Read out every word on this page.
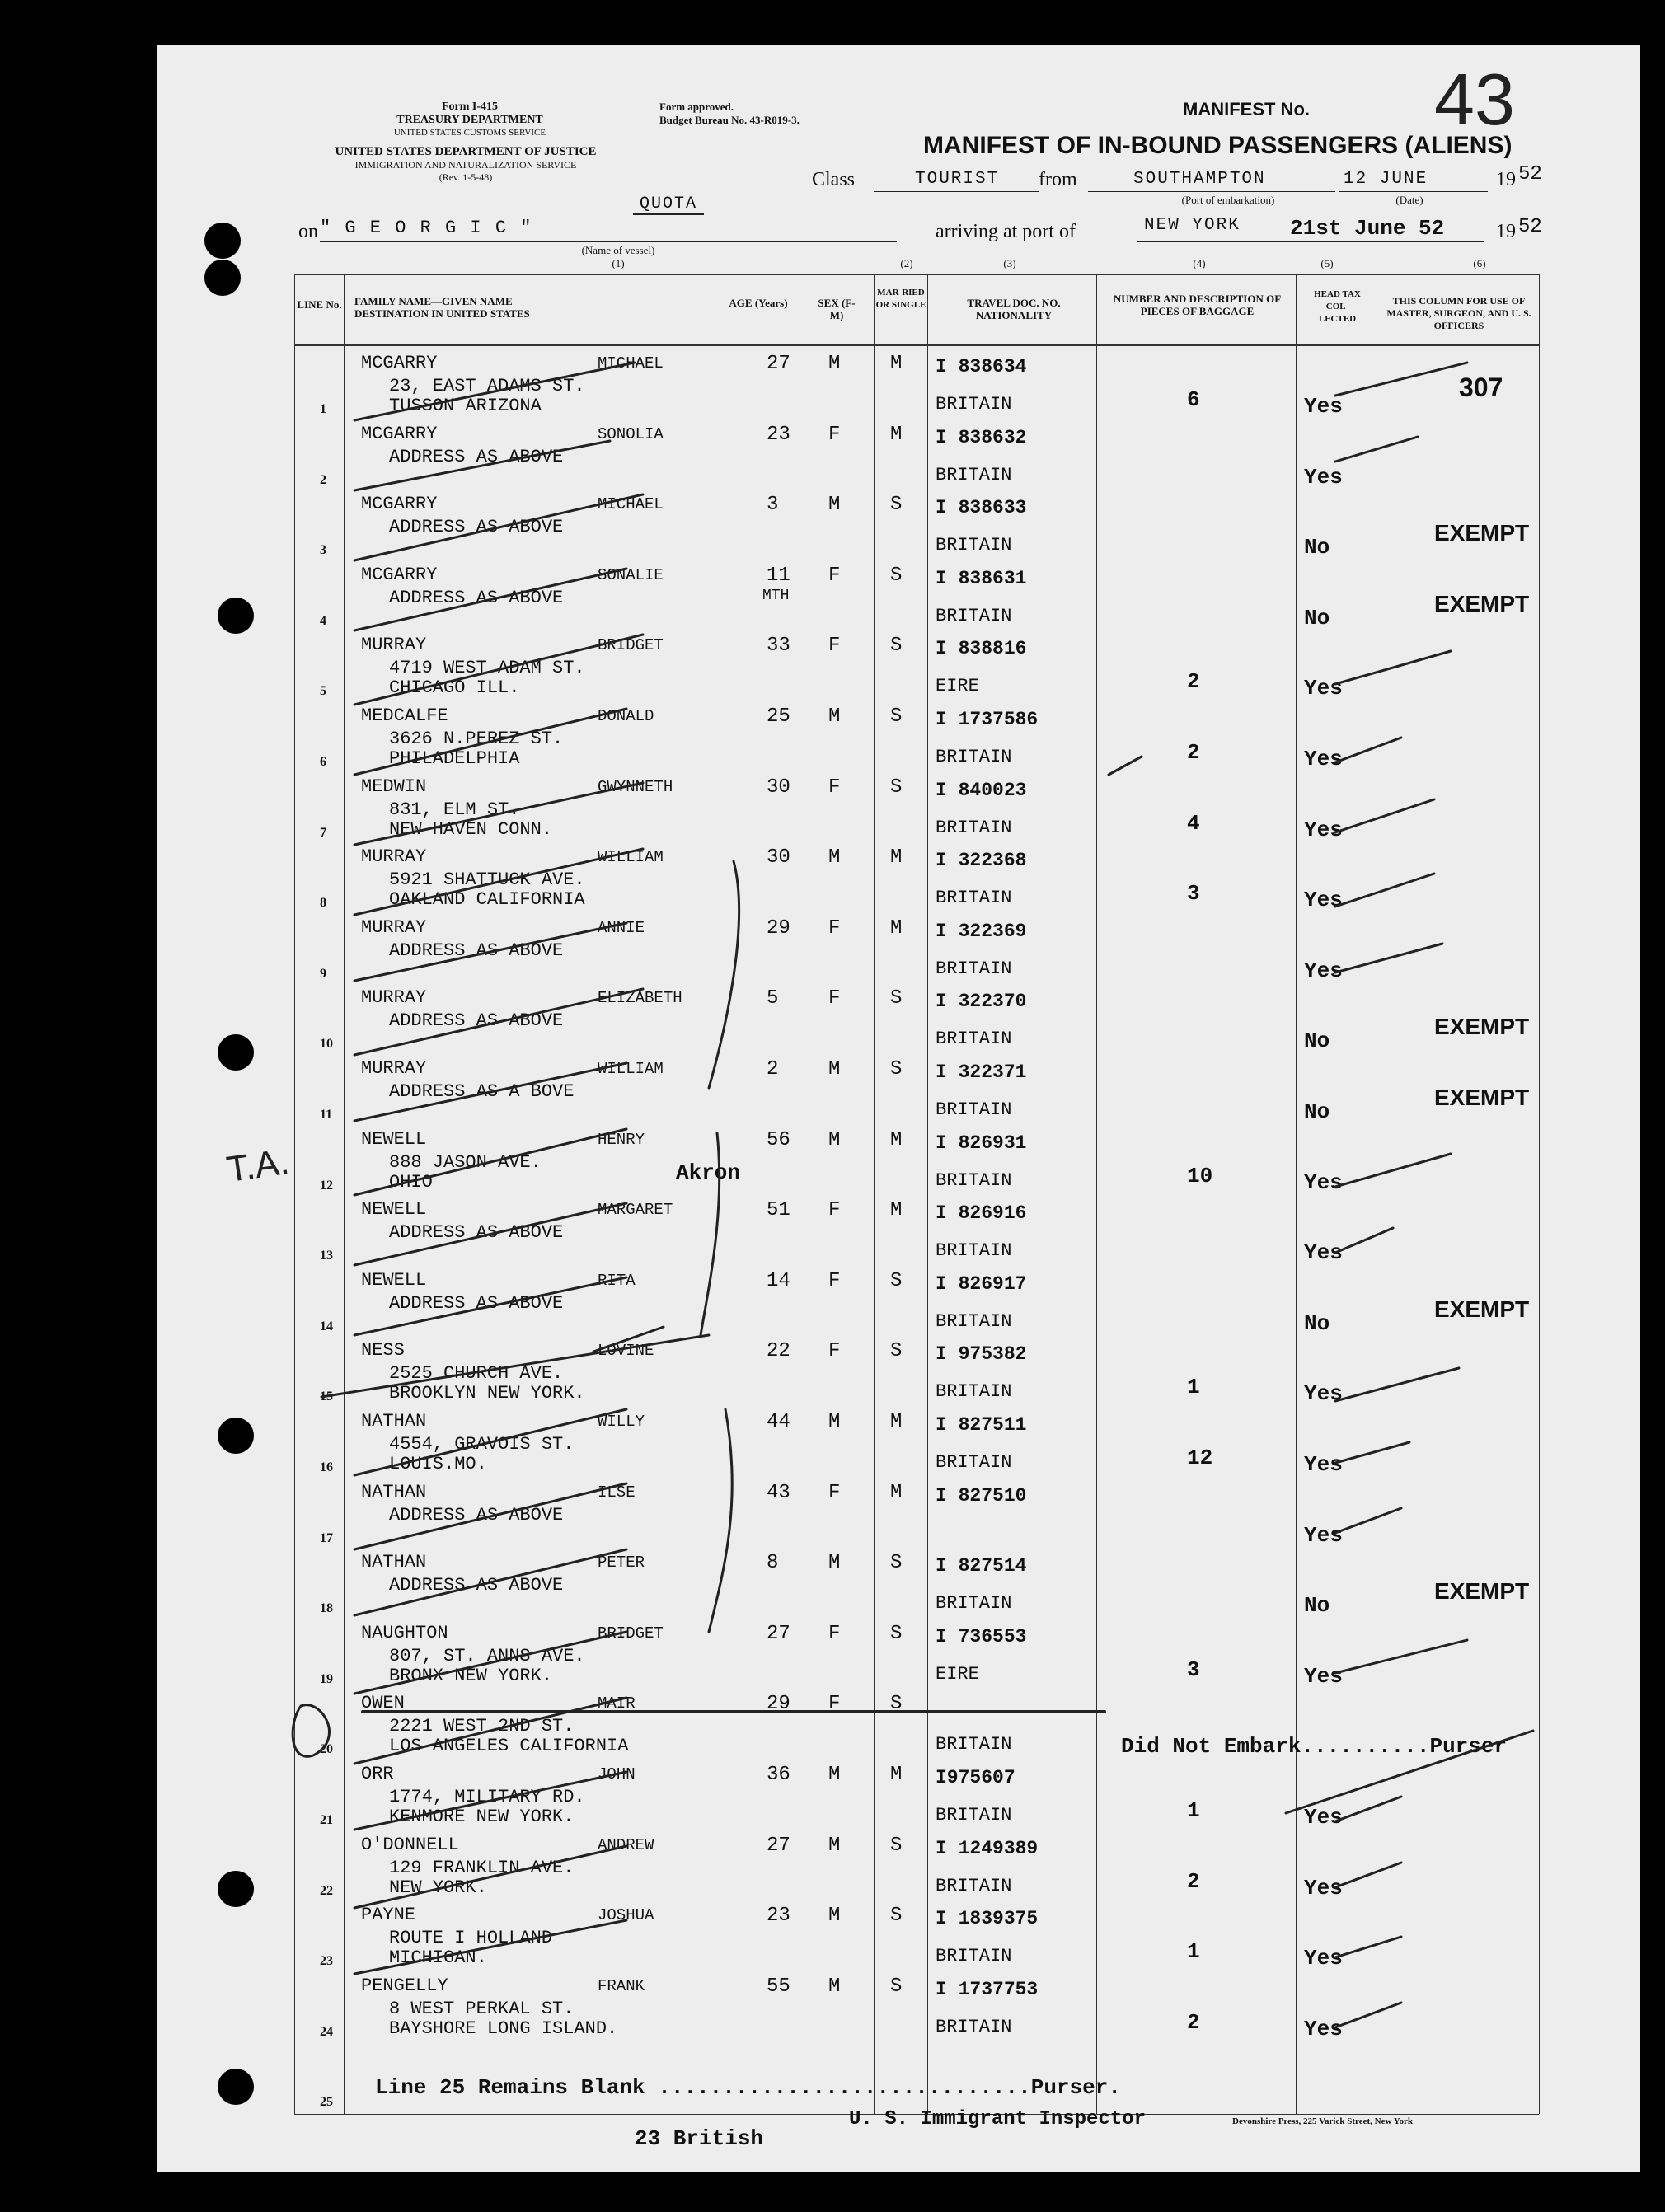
Form I-415
TREASURY DEPARTMENT
UNITED STATES CUSTOMS SERVICE
Form approved.
Budget Bureau No. 43-R019-3.
UNITED STATES DEPARTMENT OF JUSTICE
IMMIGRATION AND NATURALIZATION SERVICE
(Rev. 1-5-48)
MANIFEST No. 43
MANIFEST OF IN-BOUND PASSENGERS (ALIENS)
Class	TOURIST from	SOUTHAMPTON
(Port of embarkation)
12 JUNE
(Date)
19 52
QUOTA
on " G E O R G I C "
(Name of vessel)
arriving at port of	NEW YORK 21st June 52	19 52
(1)	(2)	(3)	(4)	(5)	(6)
LINE No. FAMILY NAME—GIVEN NAME
DESTINATION IN UNITED STATES
AGE (Years)	SEX (F-M)
MAR-RIED OR SINGLE	TRAVEL DOC. NO. NATIONALITY
NUMBER AND DESCRIPTION OF PIECES OF BAGGAGE
HEAD TAX COL-LECTED
THIS COLUMN FOR USE OF MASTER, SURGEON, AND U. S. OFFICERS
1
MCGARRY	MICHAEL
23, EAST ADAMS ST.
TUSSON ARIZONA
27 M	M I 838634
BRITAIN	6	Yes
307
2
MCGARRY	SONOLIA
ADDRESS AS ABOVE
23 F	M I 838632
BRITAIN	Yes
3
MCGARRY	MICHAEL
ADDRESS AS ABOVE
3	M	S I 838633
BRITAIN	No
EXEMPT
4
MCGARRY	SONALIE
ADDRESS AS ABOVE
11
MTH
F	S I 838631
BRITAIN	No
EXEMPT
5
MURRAY	BRIDGET
4719 WEST ADAM ST.
CHICAGO ILL.
33 F	S I 838816
EIRE	2	Yes
6
MEDCALFE	DONALD
3626 N.PEREZ ST.
PHILADELPHIA
25 M	S I 1737586
BRITAIN	2	Yes
7
MEDWIN	GWYNNETH
831, ELM ST.
NEW HAVEN CONN.
30 F	S I 840023
BRITAIN	4	Yes
8
MURRAY	WILLIAM
5921 SHATTUCK AVE.
OAKLAND CALIFORNIA
30 M	M I 322368
BRITAIN	3	Yes
9
MURRAY	ANNIE
ADDRESS AS ABOVE
29 F	M I 322369
BRITAIN	Yes
10
MURRAY	ELIZABETH
ADDRESS AS ABOVE
5	F	S I 322370
BRITAIN	No
EXEMPT
11
MURRAY	WILLIAM
ADDRESS AS A BOVE
2	M	S I 322371
BRITAIN	No
EXEMPT
12
NEWELL	HENRY
888 JASON AVE.
OHIO
56 M	M I 826931
BRITAIN	10	Yes
Akron
13
NEWELL	MARGARET
ADDRESS AS ABOVE
51 F	M I 826916
BRITAIN	Yes
14
NEWELL	RITA
ADDRESS AS ABOVE
14 F	S I 826917
BRITAIN	No
EXEMPT
15
NESS	LOVINE
2525 CHURCH AVE.
BROOKLYN NEW YORK.
22 F	S I 975382
BRITAIN	1	Yes
16
NATHAN	WILLY
4554, GRAVOIS ST.
LOUIS.MO.
44 M	M I 827511
BRITAIN	12	Yes
17
NATHAN	ILSE
ADDRESS AS ABOVE
43 F	M I 827510
Yes
18
NATHAN	PETER
ADDRESS AS ABOVE
8	M	S I 827514
BRITAIN	No
EXEMPT
19
NAUGHTON	BRIDGET
807, ST. ANNS AVE.
BRONX NEW YORK.
27 F	S I 736553
EIRE	3	Yes
20
OWEN	MAIR
2221 WEST 2ND ST.
LOS ANGELES CALIFORNIA
29 F	S
BRITAIN	Did Not Embark..........Purser
21
ORR	JOHN
1774, MILITARY RD.
KENMORE NEW YORK.
36 M	M I975607
BRITAIN	1	Yes
22
O'DONNELL	ANDREW
129 FRANKLIN AVE.
NEW YORK.
27 M	S I 1249389
BRITAIN	2	Yes
23
PAYNE	JOSHUA
ROUTE I HOLLAND
MICHIGAN.
23 M	S I 1839375
BRITAIN	1	Yes
24
PENGELLY	FRANK
8 WEST PERKAL ST.
BAYSHORE LONG ISLAND.
55 M	S I 1737753
BRITAIN	2	Yes
25
Line 25 Remains Blank .............................Purser.
23 British
U. S. Immigrant Inspector	Devonshire Press, 225 Varick Street, New York
T.A.
